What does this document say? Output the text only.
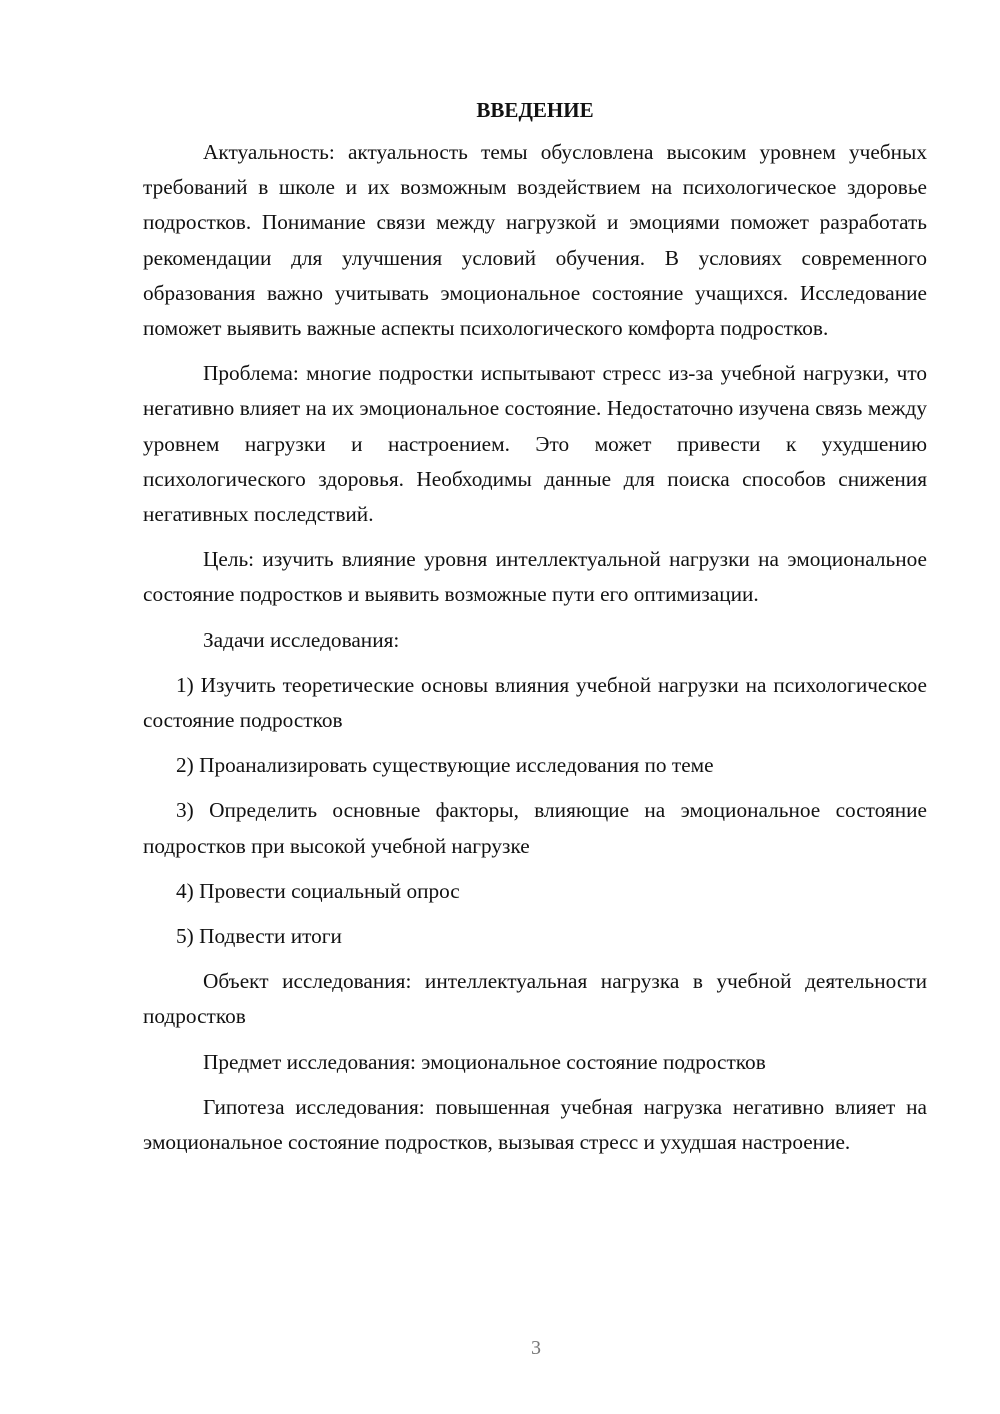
ВВЕДЕНИЕ

Актуальность: актуальность темы обусловлена высоким уровнем учебных требований в школе и их возможным воздействием на психологическое здоровье подростков. Понимание связи между нагрузкой и эмоциями поможет разработать рекомендации для улучшения условий обучения. В условиях современного образования важно учитывать эмоциональное состояние учащихся. Исследование поможет выявить важные аспекты психологического комфорта подростков.

Проблема: многие подростки испытывают стресс из-за учебной нагрузки, что негативно влияет на их эмоциональное состояние. Недостаточно изучена связь между уровнем нагрузки и настроением. Это может привести к ухудшению психологического здоровья. Необходимы данные для поиска способов снижения негативных последствий.

Цель: изучить влияние уровня интеллектуальной нагрузки на эмоциональное состояние подростков и выявить возможные пути его оптимизации.

Задачи исследования:

1) Изучить теоретические основы влияния учебной нагрузки на психологическое состояние подростков

2) Проанализировать существующие исследования по теме

3) Определить основные факторы, влияющие на эмоциональное состояние подростков при высокой учебной нагрузке

4) Провести социальный опрос

5) Подвести итоги

Объект исследования: интеллектуальная нагрузка в учебной деятельности подростков

Предмет исследования: эмоциональное состояние подростков

Гипотеза исследования: повышенная учебная нагрузка негативно влияет на эмоциональное состояние подростков, вызывая стресс и ухудшая настроение.

3
